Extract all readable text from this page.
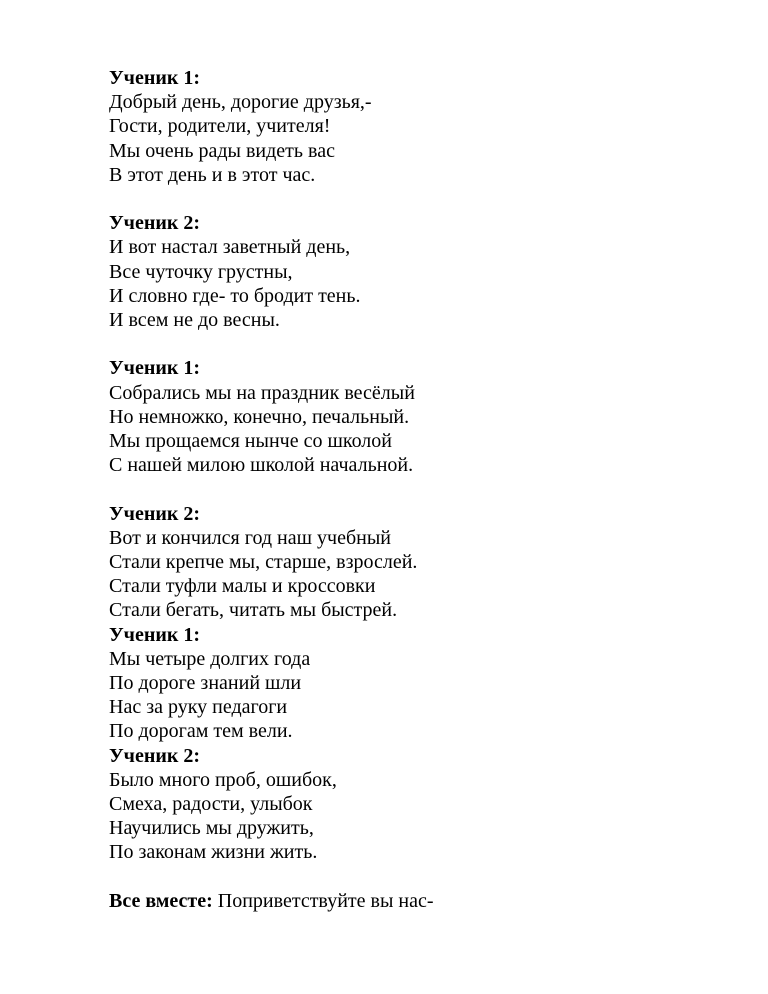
Ученик 1:
Добрый день, дорогие друзья,-
Гости, родители, учителя!
Мы очень рады видеть вас
В этот день и в этот час.
Ученик 2:
И вот настал заветный день,
Все чуточку грустны,
И словно где- то бродит тень.
И всем не до весны.
Ученик 1:
Собрались мы на праздник весёлый
Но немножко, конечно, печальный.
Мы прощаемся нынче со школой
С нашей милою школой начальной.
Ученик 2:
Вот и кончился год наш учебный
Стали крепче мы, старше, взрослей.
Стали туфли малы и кроссовки
Стали бегать, читать мы быстрей.
Ученик 1:
Мы четыре долгих года
По дороге знаний шли
Нас за руку педагоги
По дорогам тем вели.
Ученик 2:
Было много проб, ошибок,
Смеха, радости, улыбок
Научились мы дружить,
По законам жизни жить.
Все вместе: Поприветствуйте вы нас-
